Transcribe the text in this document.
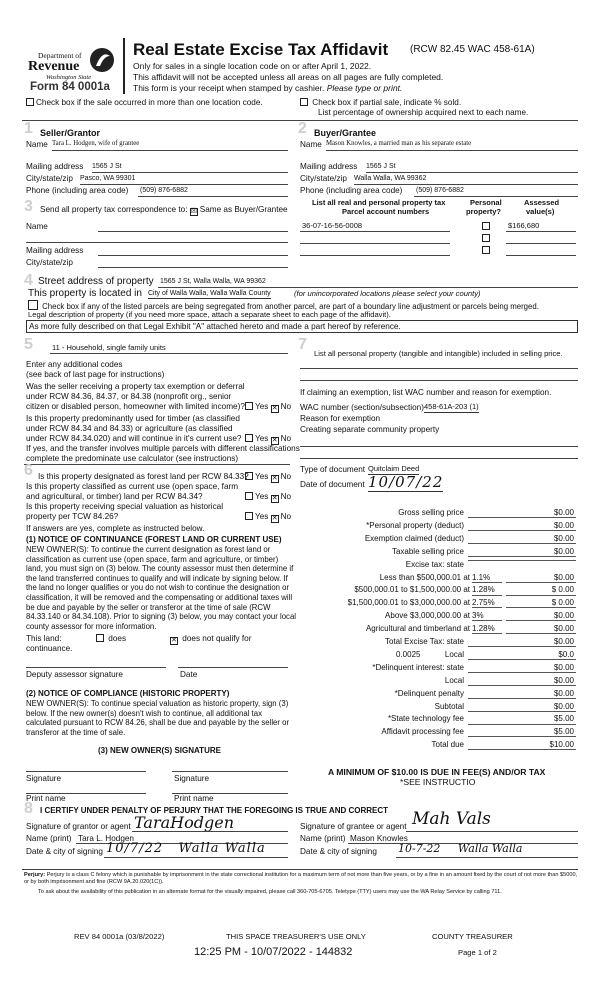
Department of
Revenue
Washington State
Form 84 0001a
Real Estate Excise Tax Affidavit (RCW 82.45 WAC 458-61A)
Only for sales in a single location code on or after April 1, 2022.
This affidavit will not be accepted unless all areas on all pages are fully completed.
This form is your receipt when stamped by cashier. Please type or print.
Check box if the sale occurred in more than one location code.	Check box if partial sale, indicate % sold.
List percentage of ownership acquired next to each name.
1 Seller/Grantor
Name Tara L. Hodgen, wife of grantee
Mailing address 1565 J St
City/state/zip Pasco, WA 99301
Phone (including area code) (509) 876-6882
2 Buyer/Grantee
Name Mason Knowles, a married man as his separate estate
Mailing address 1565 J St
City/state/zip Walla Walla, WA 99362
Phone (including area code) (509) 876-6882
3 Send all property tax correspondence to: ☒ Same as Buyer/Grantee
Name
Mailing address
City/state/zip
List all real and personal property tax
Parcel account numbers
Personal
property?
Assessed
value(s)
36-07-16-56-0008	$166,680
4 Street address of property 1565 J St, Walla Walla, WA 99362
This property is located in City of Walla Walla, Walla Walla County	(for unincorporated locations please select your county)
Check box if any of the listed parcels are being segregated from another parcel, are part of a boundary line adjustment or parcels being merged.
Legal description of property (if you need more space, attach a separate sheet to each page of the affidavit).
As more fully described on that Legal Exhibit "A" attached hereto and made a part hereof by reference.
5	11 - Household, single family units
Enter any additional codes
(see back of last page for instructions)
Was the seller receiving a property tax exemption or deferral
under RCW 84.36, 84.37, or 84.38 (nonprofit org., senior
citizen or disabled person, homeowner with limited income)?	Yes ✕ No
Is this property predominantly used for timber (as classified
under RCW 84.34 and 84.33) or agriculture (as classified
under RCW 84.34.020) and will continue in it's current use?	Yes ✕ No
If yes, and the transfer involves multiple parcels with different classifications
complete the predominate use calculator (see instructions)
6 Is this property designated as forest land per RCW 84.33? Yes ✕ No
Is this property classified as current use (open space, farm
and agricultural, or timber) land per RCW 84.34?	Yes ✕ No
Is this property receiving special valuation as historical
property per TCW 84.26?	Yes ✕ No
If answers are yes, complete as instructed below.
(1) NOTICE OF CONTINUANCE (FOREST LAND OR CURRENT USE)
NEW OWNER(S): To continue the current designation as forest land or classification as current use (open space, farm and agriculture, or timber) land, you must sign on (3) below. The county assessor must then determine if the land transferred continues to qualify and will indicate by signing below. If the land no longer qualifies or you do not wish to continue the designation or classification, it will be removed and the compensating or additional taxes will be due and payable by the seller or transferor at the time of sale (RCW 84.33.140 or 84.34.108). Prior to signing (3) below, you may contact your local county assessor for more information.
This land:	does	✕ does not qualify for
continuance.
Deputy assessor signature	Date
(2) NOTICE OF COMPLIANCE (HISTORIC PROPERTY)
NEW OWNER(S): To continue special valuation as historic property, sign (3) below. If the new owner(s) doesn't wish to continue, all additional tax calculated pursuant to RCW 84.26, shall be due and payable by the seller or transferor at the time of sale.
(3) NEW OWNER(S) SIGNATURE
Signature	Signature
Print name	Print name
7
List all personal property (tangible and intangible) included in selling price.
If claiming an exemption, list WAC number and reason for exemption.
WAC number (section/subsection) 458-61A-203 (1)
Reason for exemption
Creating separate community property
Type of document Quitclaim Deed
Date of document 10/07/22
Gross selling price	$0.00
*Personal property (deduct)	$0.00
Exemption claimed (deduct)	$0.00
Taxable selling price	$0.00
Excise tax: state
Less than $500,000.01 at 1.1%	$0.00
$500,000.01 to $1,500,000.00 at 1.28%	$ 0.00
$1,500,000.01 to $3,000,000.00 at 2.75%	$ 0.00
Above $3,000,000.00 at 3%	$0.00
Agricultural and timberland at 1.28%	$0.00
Total Excise Tax: state	$0.00
0.0025	Local	$0.0
*Delinquent interest: state	$0.00
Local	$0.00
*Delinquent penalty	$0.00
Subtotal	$0.00
*State technology fee	$5.00
Affidavit processing fee	$5.00
Total due	$10.00
A MINIMUM OF $10.00 IS DUE IN FEE(S) AND/OR TAX
*SEE INSTRUCTIO
8 I CERTIFY UNDER PENALTY OF PERJURY THAT THE FOREGOING IS TRUE AND CORRECT
Signature of grantor or agent TaraHodgen
Name (print) Tara L. Hodgen
Date & city of signing 10/7/22   Walla Walla
Signature of grantee or agent Mah Vals
Name (print) Mason Knowles
Date & city of signing 10-7-22     Walla Walla
Perjury: Perjury is a class C felony which is punishable by imprisonment in the state correctional institution for a maximum term of not more than five years, or by a fine in an amount fixed by the court of not more than $5000, or by both imprisonment and fine (RCW 9A.20.020(1C)).
To ask about the availability of this publication in an alternate format for the visually impaired, please call 360-705-6705. Teletype (TTY) users may use the WA Relay Service by calling 711.
REV 84 0001a (03/8/2022)	THIS SPACE TREASURER'S USE ONLY	COUNTY TREASURER
12:25 PM - 10/07/2022 - 144832	Page 1 of 2
